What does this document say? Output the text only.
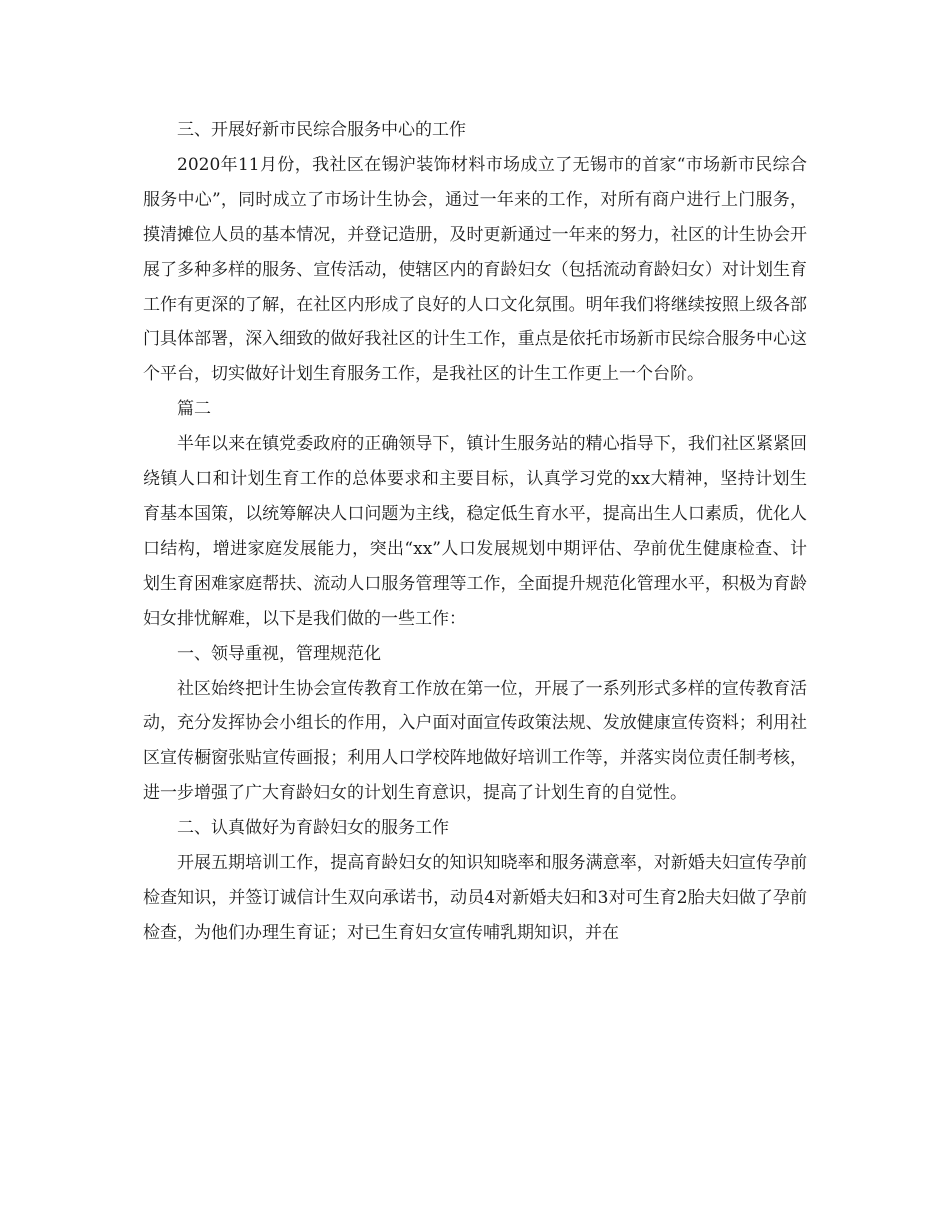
三、开展好新市民综合服务中心的工作

2020年11月份，我社区在锡沪装饰材料市场成立了无锡市的首家“市场新市民综合服务中心”，同时成立了市场计生协会，通过一年来的工作，对所有商户进行上门服务，摸清摊位人员的基本情况，并登记造册，及时更新通过一年来的努力，社区的计生协会开展了多种多样的服务、宣传活动，使辖区内的育龄妇女（包括流动育龄妇女）对计划生育工作有更深的了解，在社区内形成了良好的人口文化氛围。明年我们将继续按照上级各部门具体部署，深入细致的做好我社区的计生工作，重点是依托市场新市民综合服务中心这个平台，切实做好计划生育服务工作，是我社区的计生工作更上一个台阶。

篇二

半年以来在镇党委政府的正确领导下，镇计生服务站的精心指导下，我们社区紧紧回绕镇人口和计划生育工作的总体要求和主要目标，认真学习党的xx大精神，坚持计划生育基本国策，以统筹解决人口问题为主线，稳定低生育水平，提高出生人口素质，优化人口结构，增进家庭发展能力，突出“xx”人口发展规划中期评估、孕前优生健康检查、计划生育困难家庭帮扶、流动人口服务管理等工作，全面提升规范化管理水平，积极为育龄妇女排忧解难，以下是我们做的一些工作：

一、领导重视，管理规范化

社区始终把计生协会宣传教育工作放在第一位，开展了一系列形式多样的宣传教育活动，充分发挥协会小组长的作用，入户面对面宣传政策法规、发放健康宣传资料；利用社区宣传橱窗张贴宣传画报；利用人口学校阵地做好培训工作等，并落实岗位责任制考核，进一步增强了广大育龄妇女的计划生育意识，提高了计划生育的自觉性。

二、认真做好为育龄妇女的服务工作

开展五期培训工作，提高育龄妇女的知识知晓率和服务满意率，对新婚夫妇宣传孕前检查知识，并签订诚信计生双向承诺书，动员4对新婚夫妇和3对可生育2胎夫妇做了孕前检查，为他们办理生育证；对已生育妇女宣传哺乳期知识，并在
